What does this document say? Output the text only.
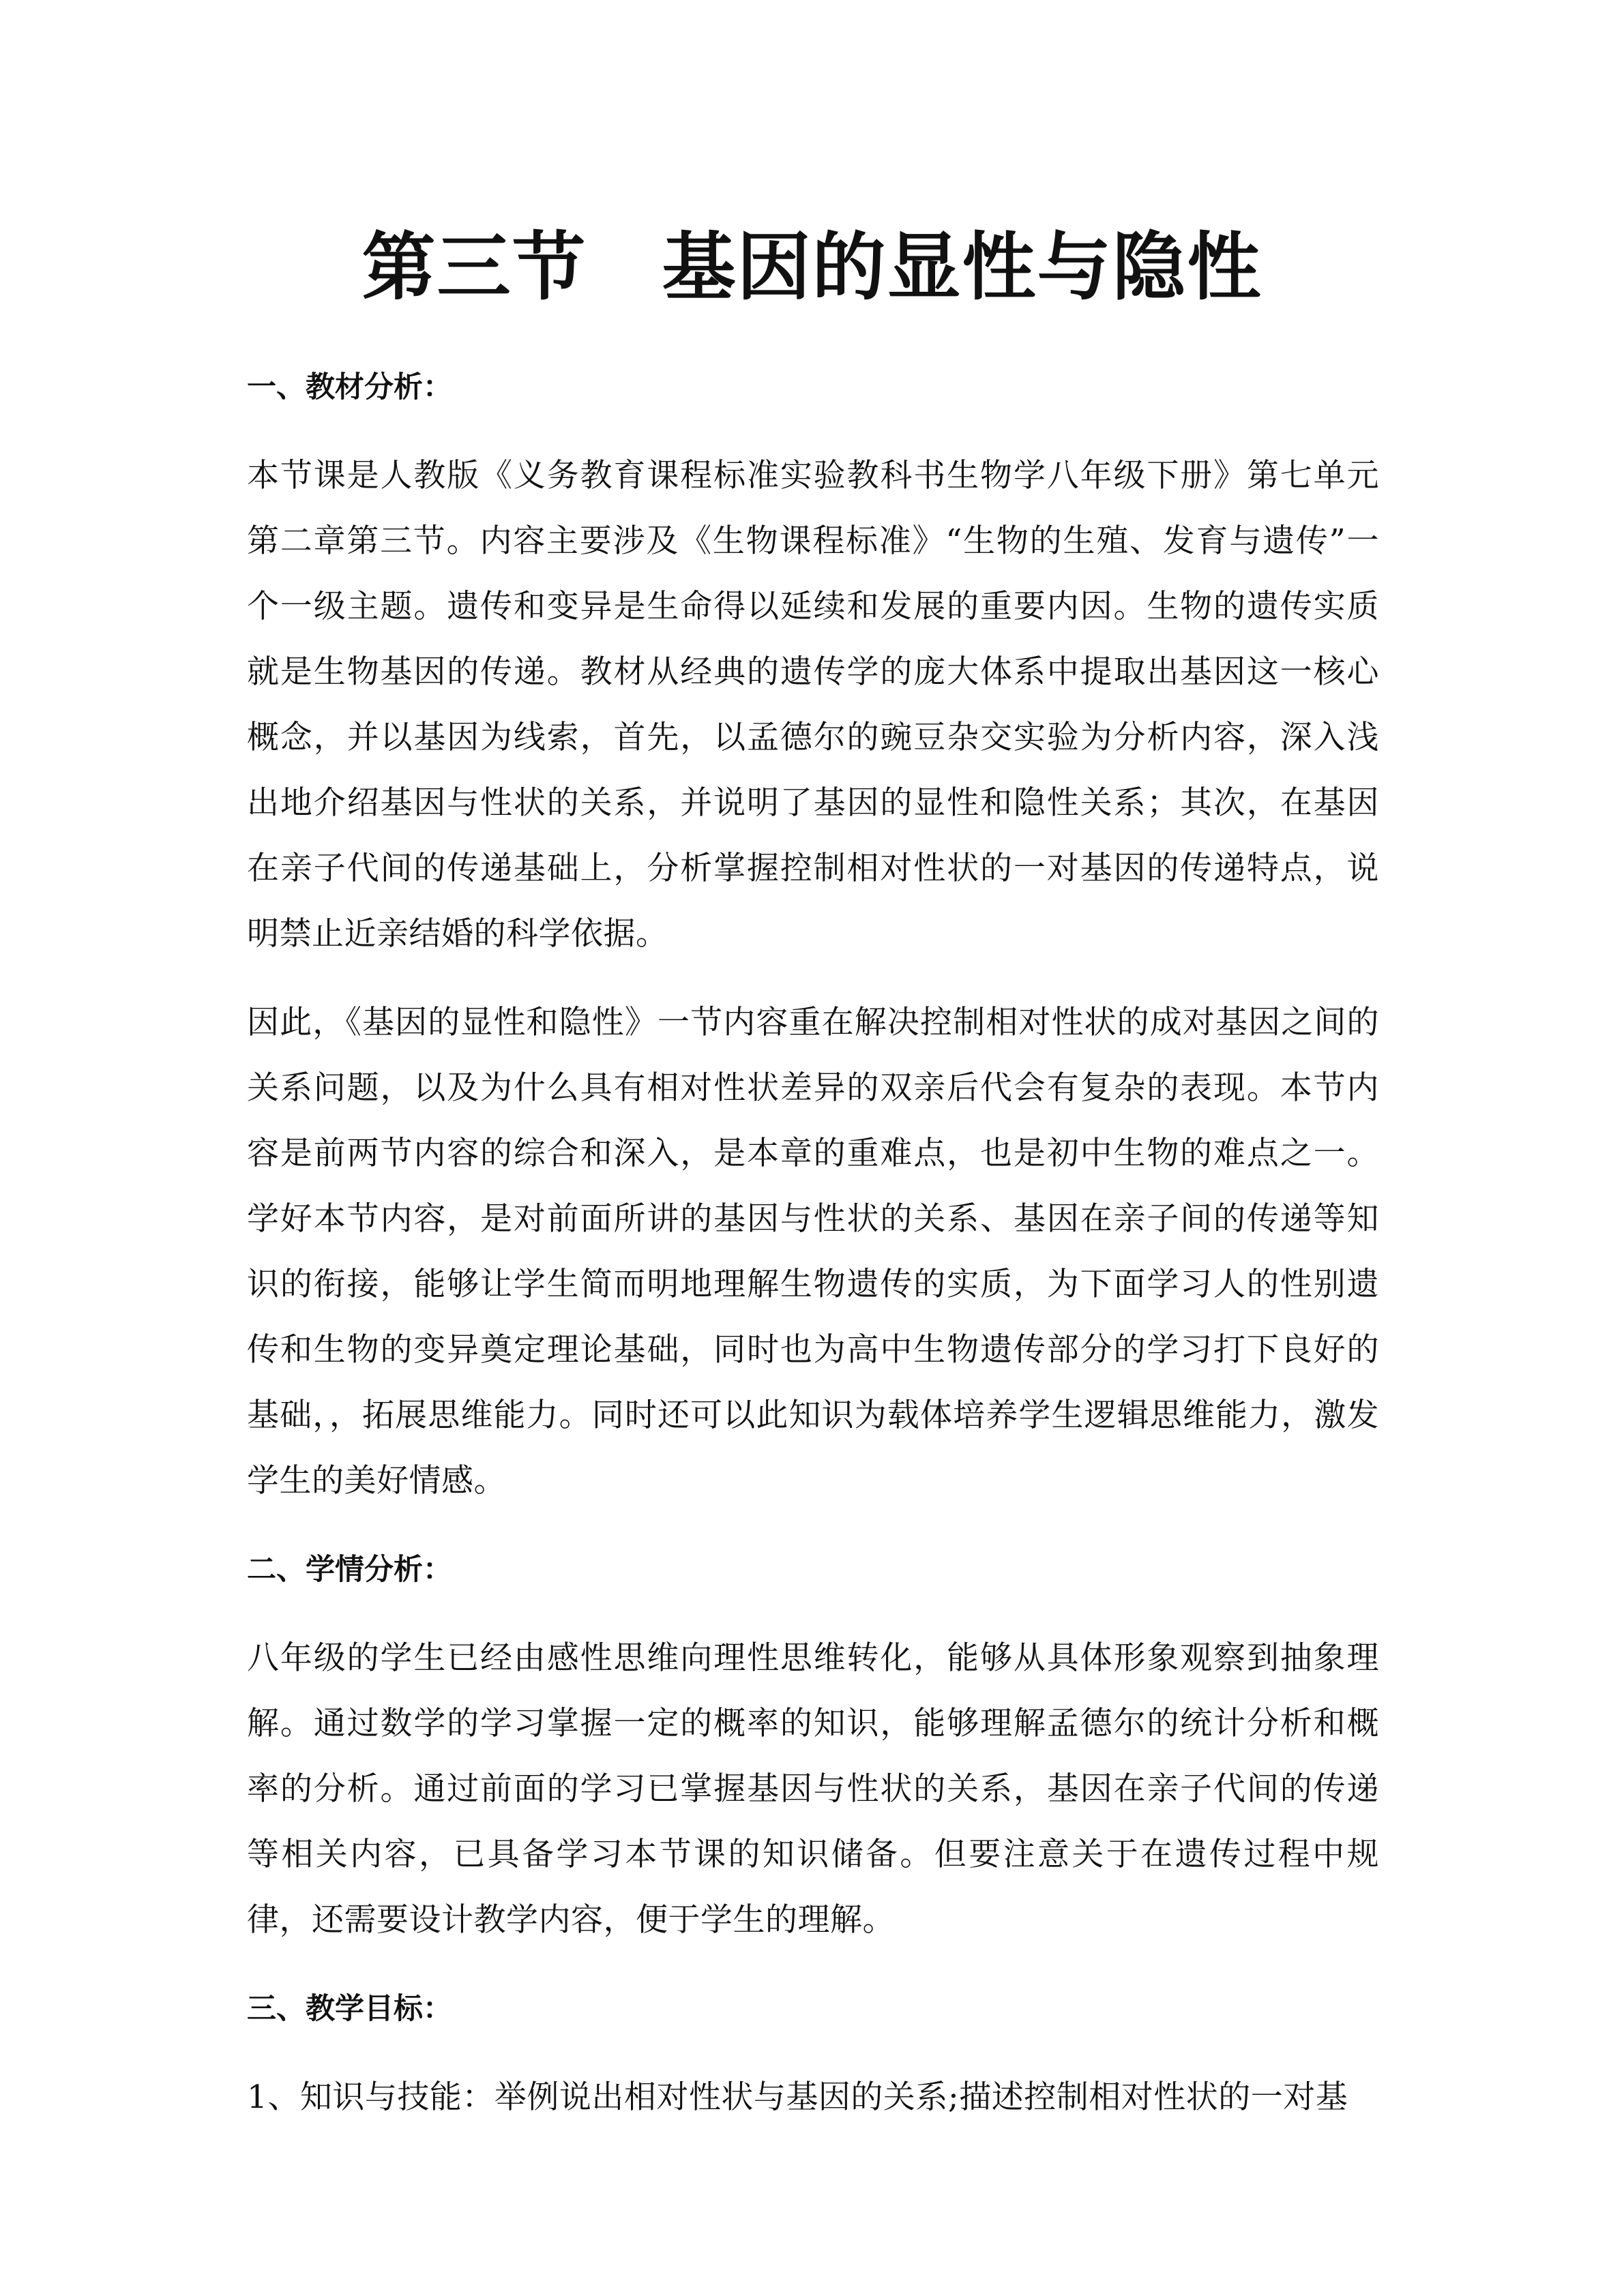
第三节　基因的显性与隐性
一、教材分析：

本节课是人教版《义务教育课程标准实验教科书生物学八年级下册》第七单元第二章第三节。内容主要涉及《生物课程标准》“生物的生殖、发育与遗传”一个一级主题。遗传和变异是生命得以延续和发展的重要内因。生物的遗传实质就是生物基因的传递。教材从经典的遗传学的庞大体系中提取出基因这一核心概念，并以基因为线索，首先，以孟德尔的豌豆杂交实验为分析内容，深入浅出地介绍基因与性状的关系，并说明了基因的显性和隐性关系；其次，在基因在亲子代间的传递基础上，分析掌握控制相对性状的一对基因的传递特点，说明禁止近亲结婚的科学依据。

因此，《基因的显性和隐性》一节内容重在解决控制相对性状的成对基因之间的关系问题，以及为什么具有相对性状差异的双亲后代会有复杂的表现。本节内容是前两节内容的综合和深入，是本章的重难点，也是初中生物的难点之一。学好本节内容，是对前面所讲的基因与性状的关系、基因在亲子间的传递等知识的衔接，能够让学生简而明地理解生物遗传的实质，为下面学习人的性别遗传和生物的变异奠定理论基础，同时也为高中生物遗传部分的学习打下良好的基础，，拓展思维能力。同时还可以此知识为载体培养学生逻辑思维能力，激发学生的美好情感。

二、学情分析：

八年级的学生已经由感性思维向理性思维转化，能够从具体形象观察到抽象理解。通过数学的学习掌握一定的概率的知识，能够理解孟德尔的统计分析和概率的分析。通过前面的学习已掌握基因与性状的关系，基因在亲子代间的传递等相关内容，已具备学习本节课的知识储备。但要注意关于在遗传过程中规律，还需要设计教学内容，便于学生的理解。

三、教学目标：

1、知识与技能：举例说出相对性状与基因的关系;描述控制相对性状的一对基
